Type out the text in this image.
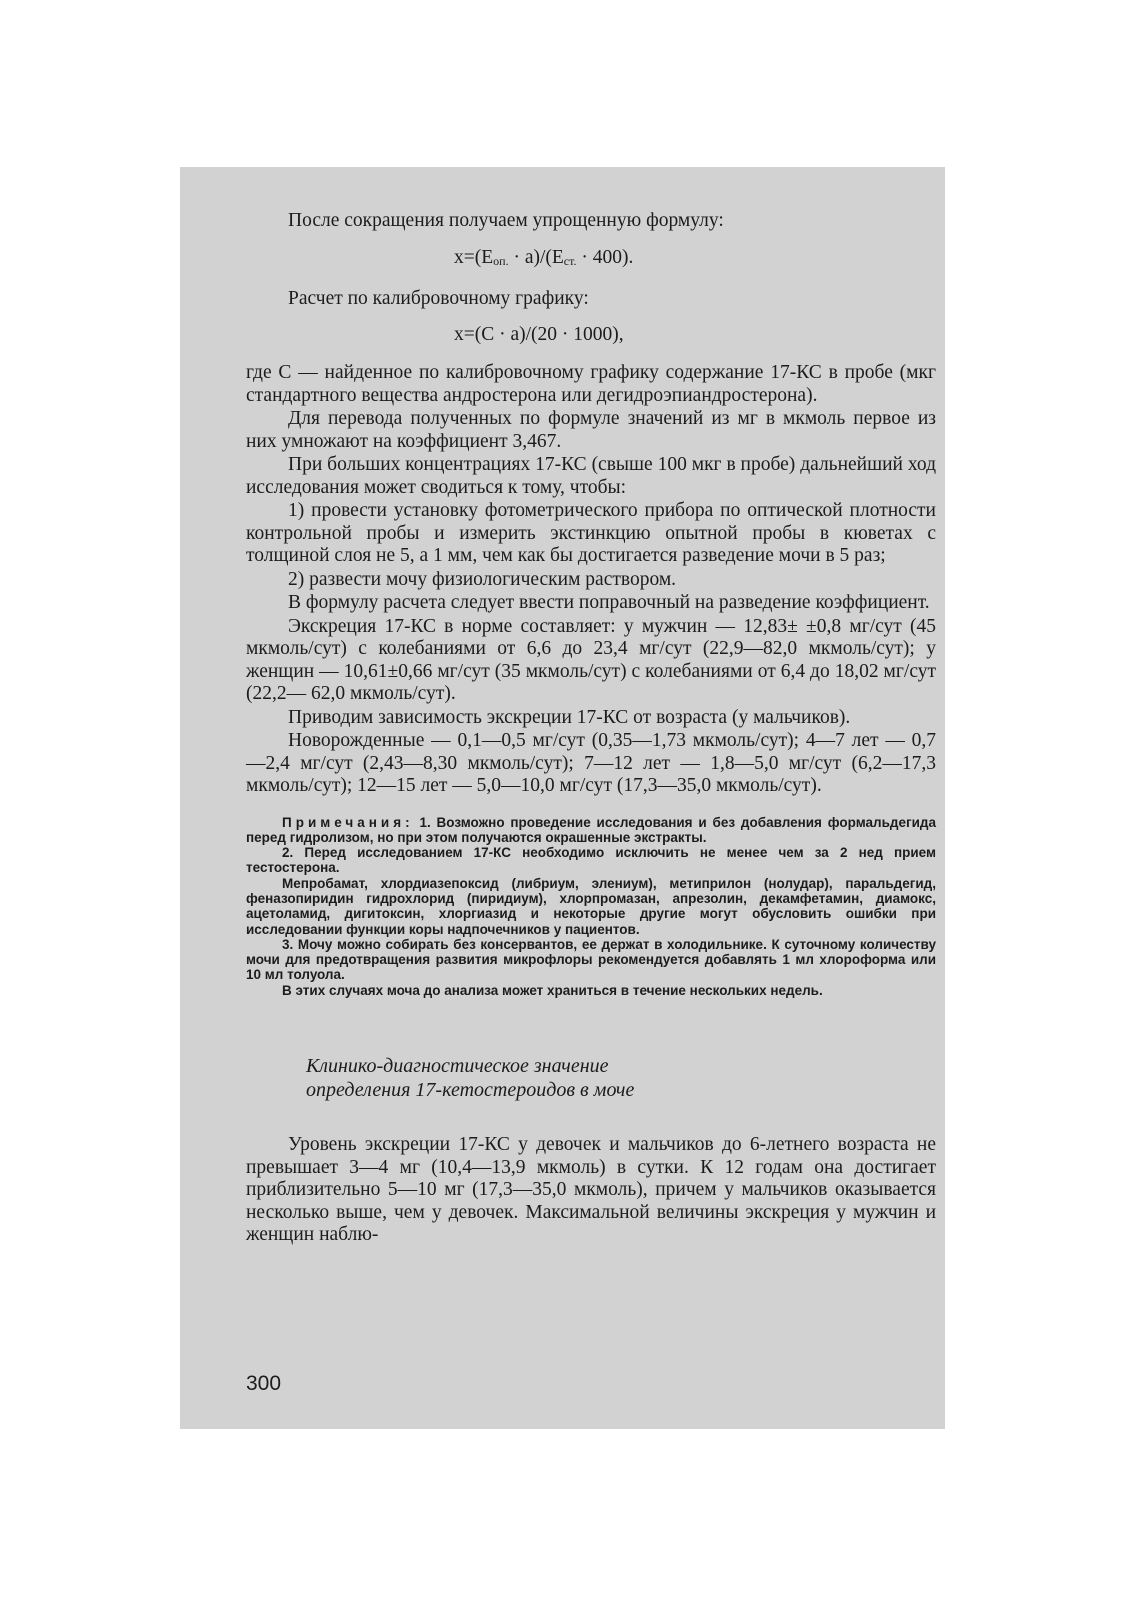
После сокращения получаем упрощенную формулу:

$x=(E_{оп.} \cdot a)/(E_{ст.} \cdot 400)$.

Расчет по калибровочному графику:

x=(C · a)/(20 · 1000),

где С — найденное по калибровочному графику содержание 17-КС в пробе (мкг стандартного вещества андростерона или дегидроэпиандростерона).

Для перевода полученных по формуле значений из мг в мкмоль первое из них умножают на коэффициент 3,467.

При больших концентрациях 17-КС (свыше 100 мкг в пробе) дальнейший ход исследования может сводиться к тому, чтобы:

1) провести установку фотометрического прибора по оптической плотности контрольной пробы и измерить экстинкцию опытной пробы в кюветах с толщиной слоя не 5, а 1 мм, чем как бы достигается разведение мочи в 5 раз;

2) развести мочу физиологическим раствором.

В формулу расчета следует ввести поправочный на разведение коэффициент.

Экскреция 17-КС в норме составляет: у мужчин — 12,83± ±0,8 мг/сут (45 мкмоль/сут) с колебаниями от 6,6 до 23,4 мг/сут (22,9—82,0 мкмоль/сут); у женщин — 10,61±0,66 мг/сут (35 мкмоль/сут) с колебаниями от 6,4 до 18,02 мг/сут (22,2— 62,0 мкмоль/сут).

Приводим зависимость экскреции 17-КС от возраста (у мальчиков).

Новорожденные — 0,1—0,5 мг/сут (0,35—1,73 мкмоль/сут); 4—7 лет — 0,7—2,4 мг/сут (2,43—8,30 мкмоль/сут); 7—12 лет — 1,8—5,0 мг/сут (6,2—17,3 мкмоль/сут); 12—15 лет — 5,0—10,0 мг/сут (17,3—35,0 мкмоль/сут).

Примечания: 1. Возможно проведение исследования и без добавления формальдегида перед гидролизом, но при этом получаются окрашенные экстракты.

2. Перед исследованием 17-КС необходимо исключить не менее чем за 2 нед прием тестостерона.

Мепробамат, хлордиазепоксид (либриум, элениум), метиприлон (нолудар), паральдегид, феназопиридин гидрохлорид (пиридиум), хлорпромазан, апрезолин, декамфетамин, диамокс, ацетоламид, дигитоксин, хлоргиазид и некоторые другие могут обусловить ошибки при исследовании функции коры надпочечников у пациентов.

3. Мочу можно собирать без консервантов, ее держат в холодильнике. К суточному количеству мочи для предотвращения развития микрофлоры рекомендуется добавлять 1 мл хлороформа или 10 мл толуола.

В этих случаях моча до анализа может храниться в течение нескольких недель.

Клинико-диагностическое значение
определения 17-кетостероидов в моче

Уровень экскреции 17-КС у девочек и мальчиков до 6-летнего возраста не превышает 3—4 мг (10,4—13,9 мкмоль) в сутки. К 12 годам она достигает приблизительно 5—10 мг (17,3—35,0 мкмоль), причем у мальчиков оказывается несколько выше, чем у девочек. Максимальной величины экскреция у мужчин и женщин наблю-

300
